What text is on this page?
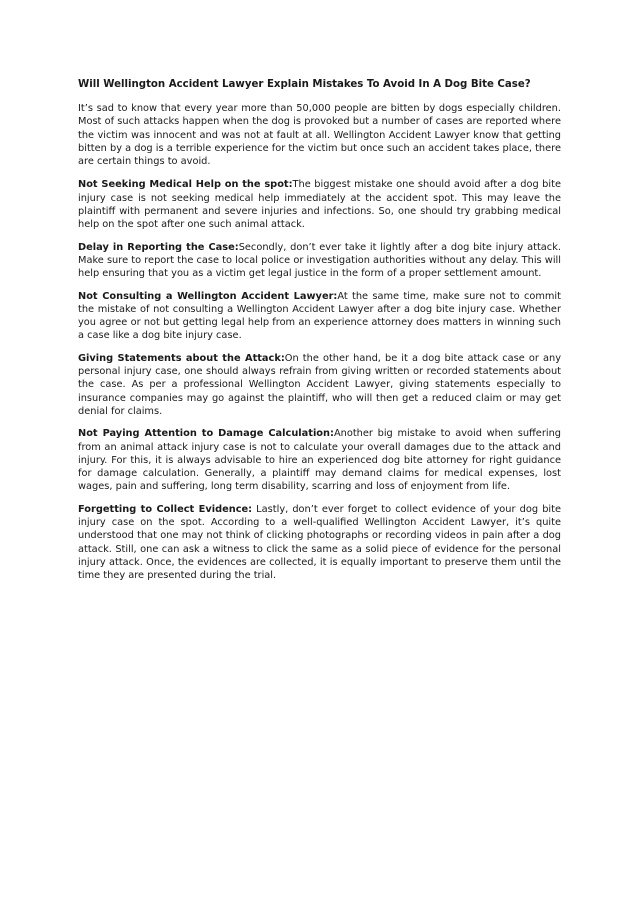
Will Wellington Accident Lawyer Explain Mistakes To Avoid In A Dog Bite Case?

It’s sad to know that every year more than 50,000 people are bitten by dogs especially children. Most of such attacks happen when the dog is provoked but a number of cases are reported where the victim was innocent and was not at fault at all. Wellington Accident Lawyer know that getting bitten by a dog is a terrible experience for the victim but once such an accident takes place, there are certain things to avoid.

Not Seeking Medical Help on the spot:The biggest mistake one should avoid after a dog bite injury case is not seeking medical help immediately at the accident spot. This may leave the plaintiff with permanent and severe injuries and infections. So, one should try grabbing medical help on the spot after one such animal attack.

Delay in Reporting the Case:Secondly, don’t ever take it lightly after a dog bite injury attack. Make sure to report the case to local police or investigation authorities without any delay. This will help ensuring that you as a victim get legal justice in the form of a proper settlement amount.

Not Consulting a Wellington Accident Lawyer:At the same time, make sure not to commit the mistake of not consulting a Wellington Accident Lawyer after a dog bite injury case. Whether you agree or not but getting legal help from an experience attorney does matters in winning such a case like a dog bite injury case.

Giving Statements about the Attack:On the other hand, be it a dog bite attack case or any personal injury case, one should always refrain from giving written or recorded statements about the case. As per a professional Wellington Accident Lawyer, giving statements especially to insurance companies may go against the plaintiff, who will then get a reduced claim or may get denial for claims.

Not Paying Attention to Damage Calculation:Another big mistake to avoid when suffering from an animal attack injury case is not to calculate your overall damages due to the attack and injury. For this, it is always advisable to hire an experienced dog bite attorney for right guidance for damage calculation. Generally, a plaintiff may demand claims for medical expenses, lost wages, pain and suffering, long term disability, scarring and loss of enjoyment from life.

Forgetting to Collect Evidence: Lastly, don’t ever forget to collect evidence of your dog bite injury case on the spot. According to a well-qualified Wellington Accident Lawyer, it’s quite understood that one may not think of clicking photographs or recording videos in pain after a dog attack. Still, one can ask a witness to click the same as a solid piece of evidence for the personal injury attack. Once, the evidences are collected, it is equally important to preserve them until the time they are presented during the trial.
